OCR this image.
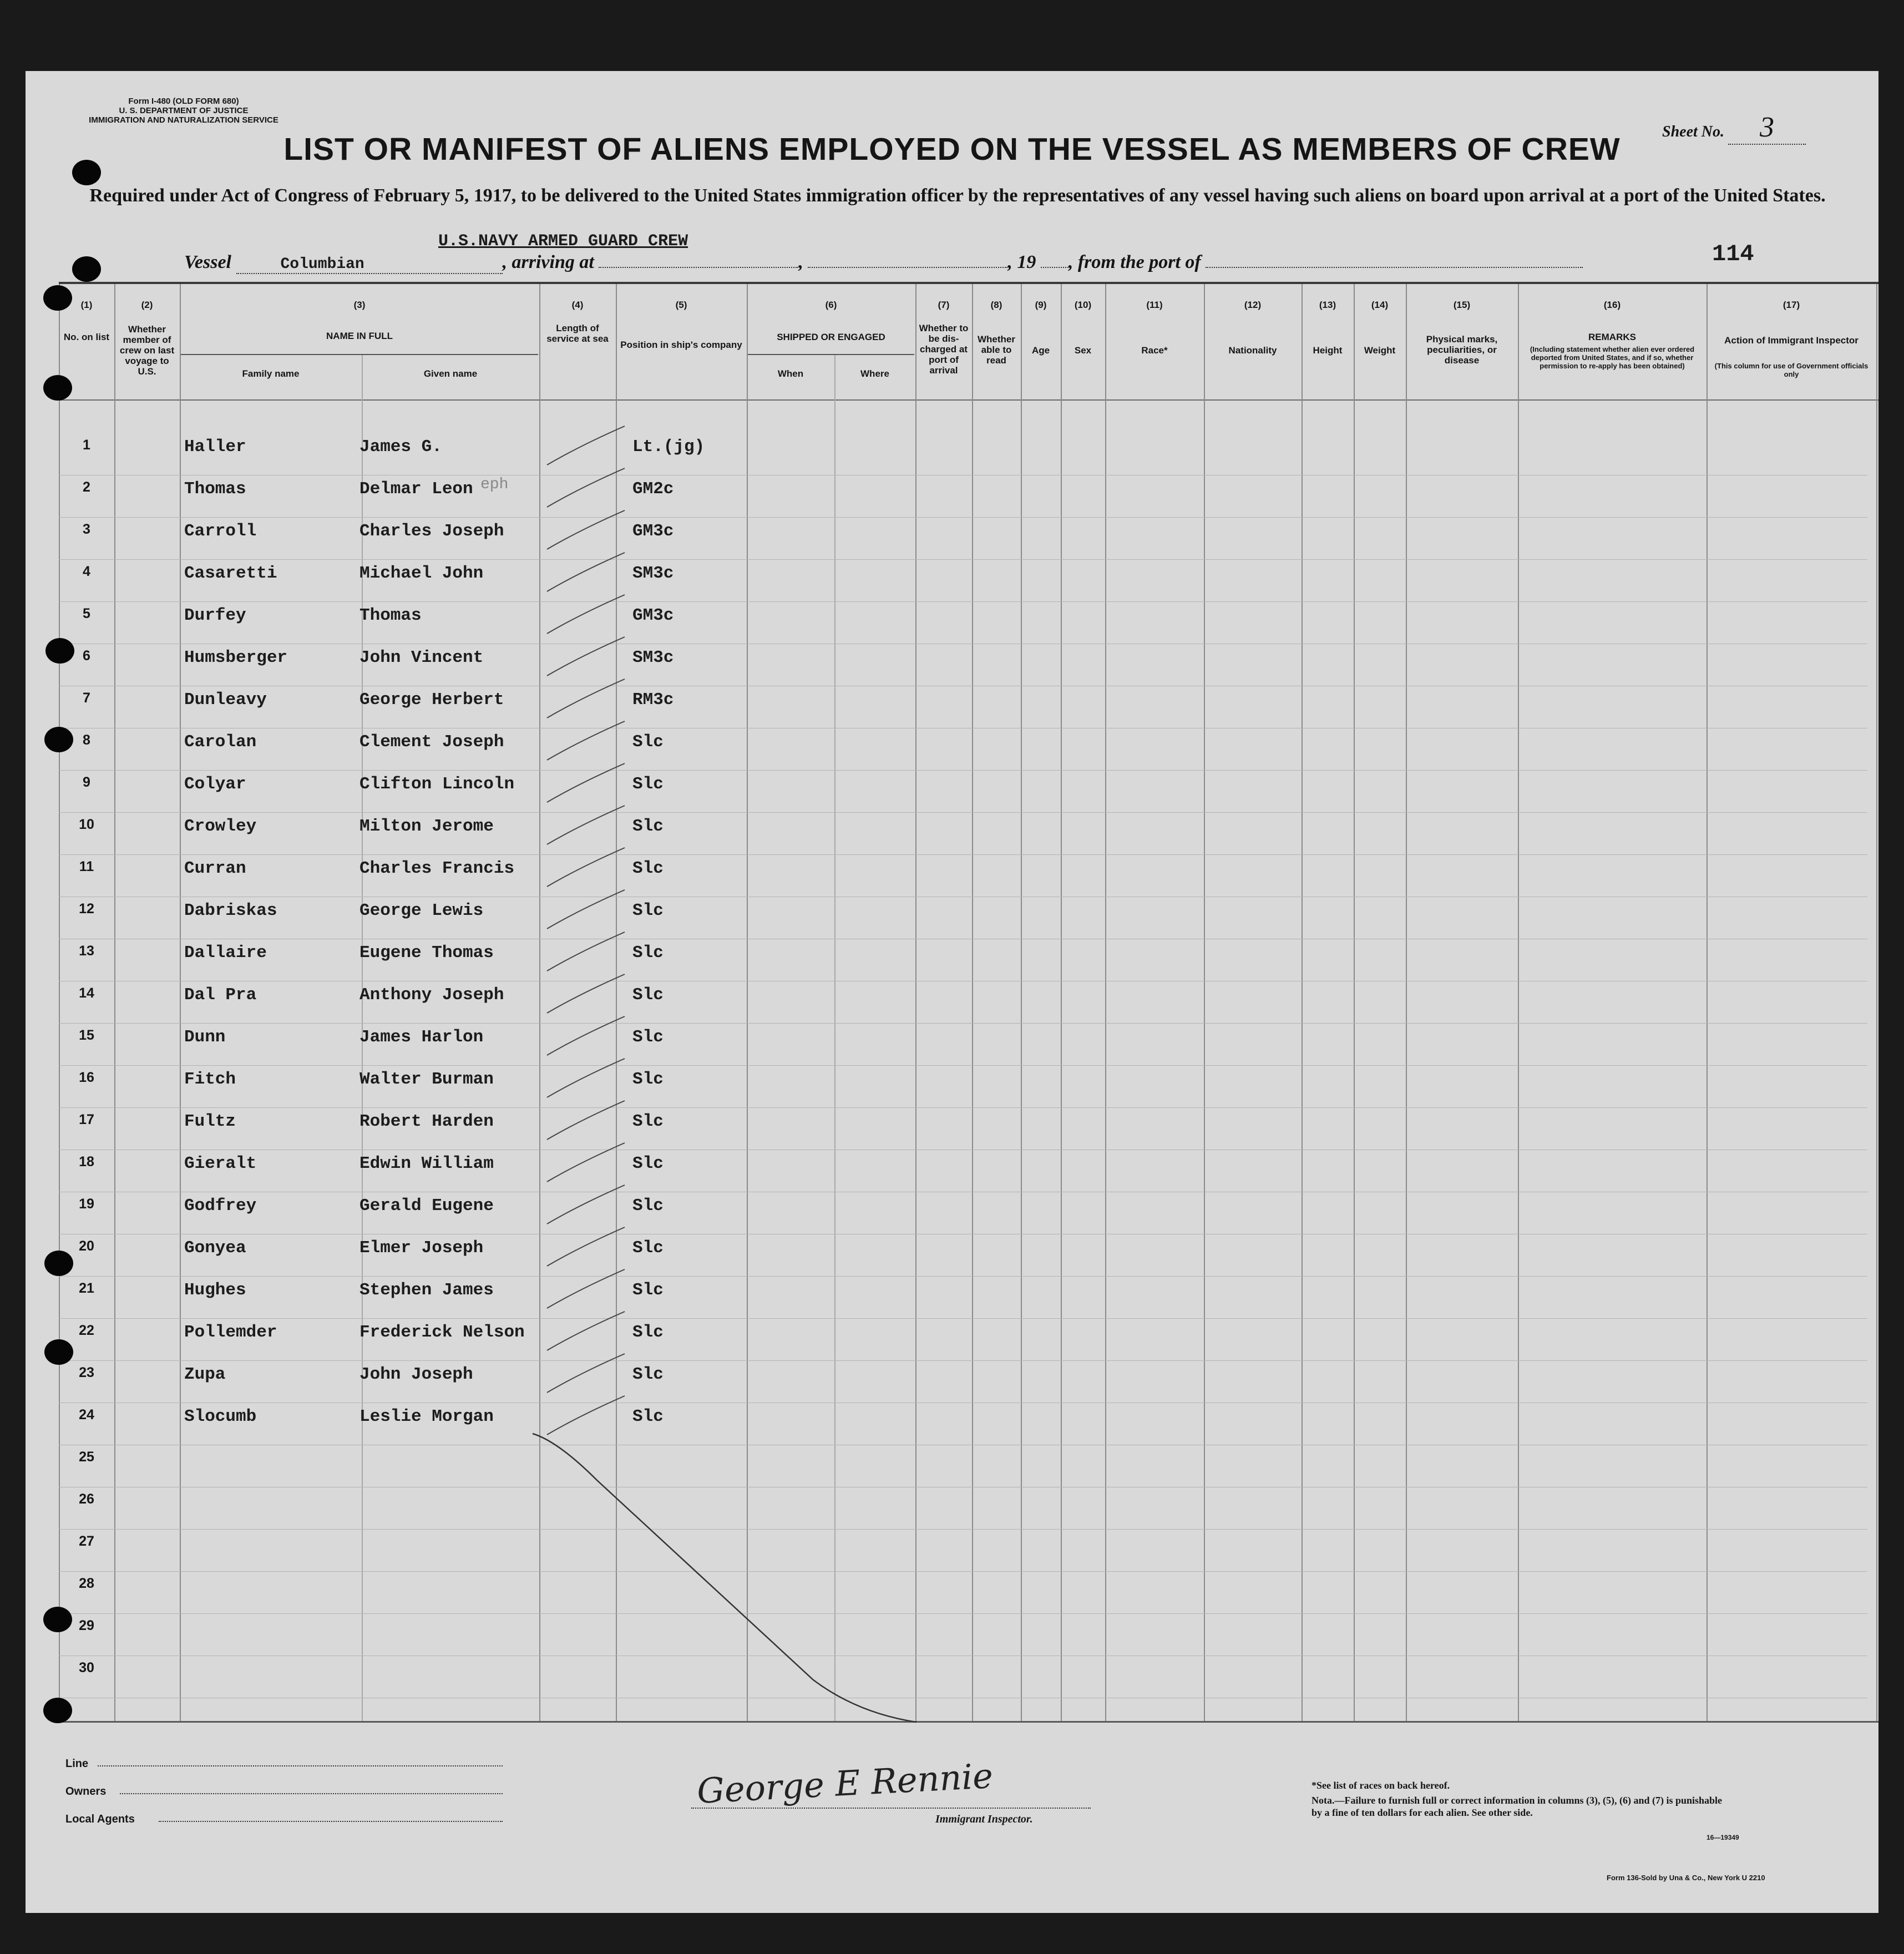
Form I-480 (OLD FORM 680)
U. S. DEPARTMENT OF JUSTICE
IMMIGRATION AND NATURALIZATION SERVICE
Sheet No. 3
LIST OR MANIFEST OF ALIENS EMPLOYED ON THE VESSEL AS MEMBERS OF CREW
Required under Act of Congress of February 5, 1917, to be delivered to the United States immigration officer by the representatives of any vessel having such aliens on board upon arrival at a port of the United States.
U.S.NAVY ARMED GUARD CREW
Vessel	Columbian	, arriving at	,	, 19 , from the port of	114
(1)
No. on list
(2)
Whether member of crew on last voyage to U.S.
(3)
NAME IN FULL
Family name	Given name
(4)
Length of service at sea
(5)
Position in ship's company
(6)
SHIPPED OR ENGAGED
When	Where
(7)
Whether to be dis-charged at port of arrival
(8)
Whether able to read
(9)
Age
(10)
Sex
(11)
Race*
(12)
Nationality
(13)
Height
(14)
Weight
(15)
Physical marks, peculiarities, or disease
(16)
REMARKS
(Including statement whether alien ever ordered deported from United States, and if so, whether permission to re-apply has been obtained)
(17)
Action of Immigrant Inspector
(This column for use of Government officials only
1	Haller	James G.	Lt.(jg)
2	Thomas	Delmar Leon	GM2c
eph
3	Carroll	Charles Joseph	GM3c
4	Casaretti	Michael John	SM3c
5	Durfey	Thomas	GM3c
6	Humsberger	John Vincent	SM3c
7	Dunleavy	George Herbert	RM3c
8	Carolan	Clement Joseph	Slc
9	Colyar	Clifton Lincoln	Slc
10	Crowley	Milton Jerome	Slc
11	Curran	Charles Francis	Slc
12	Dabriskas	George Lewis	Slc
13	Dallaire	Eugene Thomas	Slc
14	Dal Pra	Anthony Joseph	Slc
15	Dunn	James Harlon	Slc
16	Fitch	Walter Burman	Slc
17	Fultz	Robert Harden	Slc
18	Gieralt	Edwin William	Slc
19	Godfrey	Gerald Eugene	Slc
20	Gonyea	Elmer Joseph	Slc
21	Hughes	Stephen James	Slc
22	Pollemder	Frederick Nelson	Slc
23	Zupa	John Joseph	Slc
24	Slocumb	Leslie Morgan	Slc
25
26
27
28
29
30
Line
Owners
Local Agents
George E Rennie
Immigrant Inspector.
*See list of races on back hereof.
Nota.—Failure to furnish full or correct information in columns (3), (5), (6) and (7) is punishable by a fine of ten dollars for each alien. See other side.
16—19349
Form 136-Sold by Una & Co., New York U 2210
